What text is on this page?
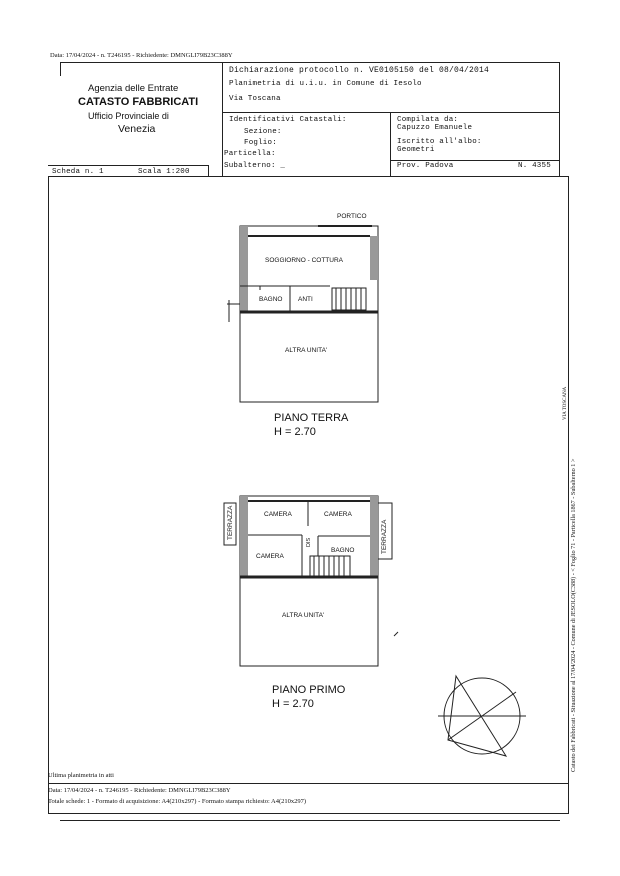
Data: 17/04/2024 - n. T246195 - Richiedente: DMNGLI79B23C388Y
Agenzia delle Entrate
CATASTO FABBRICATI
Ufficio Provinciale di
Venezia
Dichiarazione protocollo n. VE0105150 del 08/04/2014
Planimetria di u.i.u. in Comune di Iesolo
Via Toscana
Identificativi Catastali:
Sezione:
Foglio:
Particella:
Subalterno: _
Compilata da:
Capuzzo Emanuele
Iscritto all'albo:
Geometri
Prov. Padova	N. 4355
Scheda n. 1	Scala 1:200
PORTICO
SOGGIORNO - COTTURA
BAGNO ANTI
ALTRA UNITA'
PIANO TERRA
H = 2.70
TERRAZZA	TERRAZZA
CAMERA	CAMERA
CAMERA
BAGNO
DIS
ALTRA UNITA'
PIANO PRIMO
H = 2.70	Catasto dei Fabbricati - Situazione al 17/04/2024 - Comune di JESOLO(C388) - < Foglio 71 - Particella 1867 - Subalterno 1 >
VIA TOSCANA
Ultima planimetria in atti
Data: 17/04/2024 - n. T246195 - Richiedente: DMNGLI79B23C388Y
Totale schede: 1 - Formato di acquisizione: A4(210x297) - Formato stampa richiesto: A4(210x297)
